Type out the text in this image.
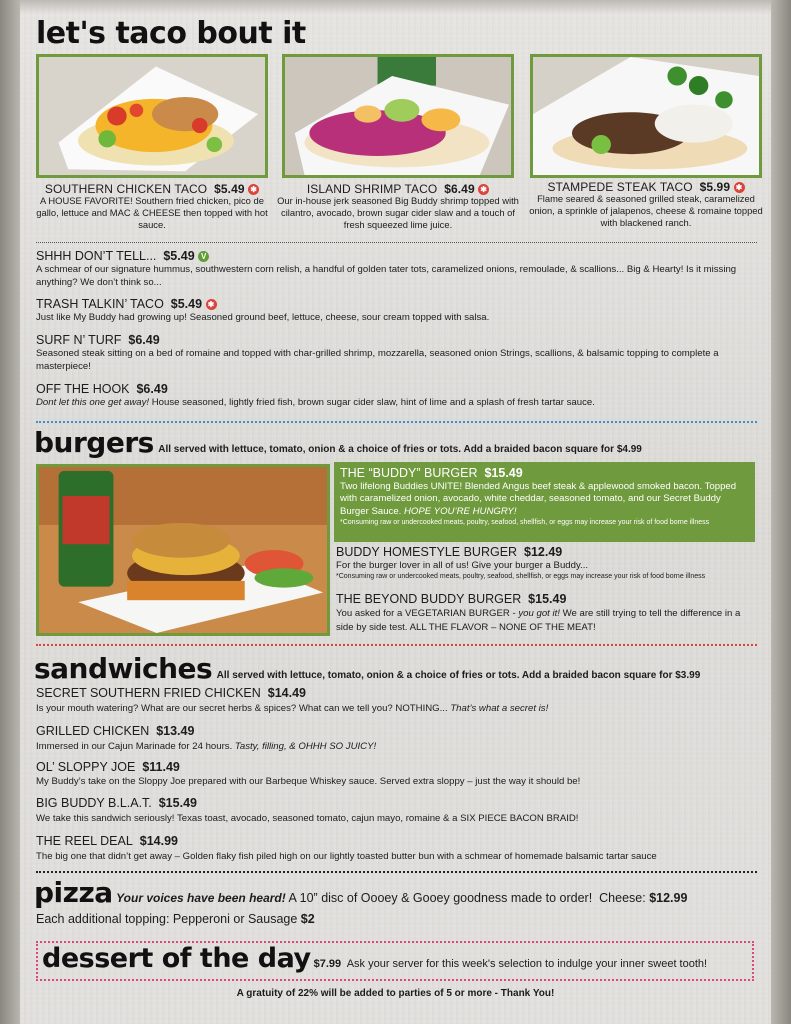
let's taco bout it
SOUTHERN CHICKEN TACO $5.49 ✱
A HOUSE FAVORITE! Southern fried chicken, pico de gallo, lettuce and MAC & CHEESE then topped with hot sauce.
ISLAND SHRIMP TACO $6.49 ✱
Our in-house jerk seasoned Big Buddy shrimp topped with cilantro, avocado, brown sugar cider slaw and a touch of fresh squeezed lime juice.
STAMPEDE STEAK TACO $5.99 ✱
Flame seared & seasoned grilled steak, caramelized onion, a sprinkle of jalapenos, cheese & romaine topped with blackened ranch.
SHHH DON’T TELL... $5.49 V
A schmear of our signature hummus, southwestern corn relish, a handful of golden tater tots, caramelized onions, remoulade, & scallions... Big & Hearty! Is it missing anything? We don’t think so...
TRASH TALKIN’ TACO $5.49 ✱
Just like My Buddy had growing up! Seasoned ground beef, lettuce, cheese, sour cream topped with salsa.
SURF N’ TURF $6.49
Seasoned steak sitting on a bed of romaine and topped with char-grilled shrimp, mozzarella, seasoned onion Strings, scallions, & balsamic topping to complete a masterpiece!
OFF THE HOOK $6.49
Dont let this one get away! House seasoned, lightly fried fish, brown sugar cider slaw, hint of lime and a splash of fresh tartar sauce.
burgers All served with lettuce, tomato, onion & a choice of fries or tots. Add a braided bacon square for $4.99
THE “BUDDY” BURGER $15.49
Two lifelong Buddies UNITE! Blended Angus beef steak & applewood smoked bacon. Topped with caramelized onion, avocado, white cheddar, seasoned tomato, and our Secret Buddy Burger Sauce. HOPE YOU’RE HUNGRY!
*Consuming raw or undercooked meats, poultry, seafood, shellfish, or eggs may increase your risk of food borne illness
BUDDY HOMESTYLE BURGER $12.49
For the burger lover in all of us! Give your burger a Buddy...
*Consuming raw or undercooked meats, poultry, seafood, shellfish, or eggs may increase your risk of food borne illness
THE BEYOND BUDDY BURGER $15.49
You asked for a VEGETARIAN BURGER - you got it! We are still trying to tell the difference in a side by side test. ALL THE FLAVOR – NONE OF THE MEAT!
sandwiches All served with lettuce, tomato, onion & a choice of fries or tots. Add a braided bacon square for $3.99
SECRET SOUTHERN FRIED CHICKEN $14.49
Is your mouth watering? What are our secret herbs & spices? What can we tell you? NOTHING... That’s what a secret is!
GRILLED CHICKEN $13.49
Immersed in our Cajun Marinade for 24 hours. Tasty, filling, & OHHH SO JUICY!
OL’ SLOPPY JOE $11.49
My Buddy’s take on the Sloppy Joe prepared with our Barbeque Whiskey sauce. Served extra sloppy – just the way it should be!
BIG BUDDY B.L.A.T. $15.49
We take this sandwich seriously! Texas toast, avocado, seasoned tomato, cajun mayo, romaine & a SIX PIECE BACON BRAID!
THE REEL DEAL $14.99
The big one that didn’t get away – Golden flaky fish piled high on our lightly toasted butter bun with a schmear of homemade balsamic tartar sauce
pizza Your voices have been heard! A 10” disc of Oooey & Gooey goodness made to order! Cheese: $12.99
Each additional topping: Pepperoni or Sausage $2
dessert of the day $7.99 Ask your server for this week's selection to indulge your inner sweet tooth!
A gratuity of 22% will be added to parties of 5 or more - Thank You!
